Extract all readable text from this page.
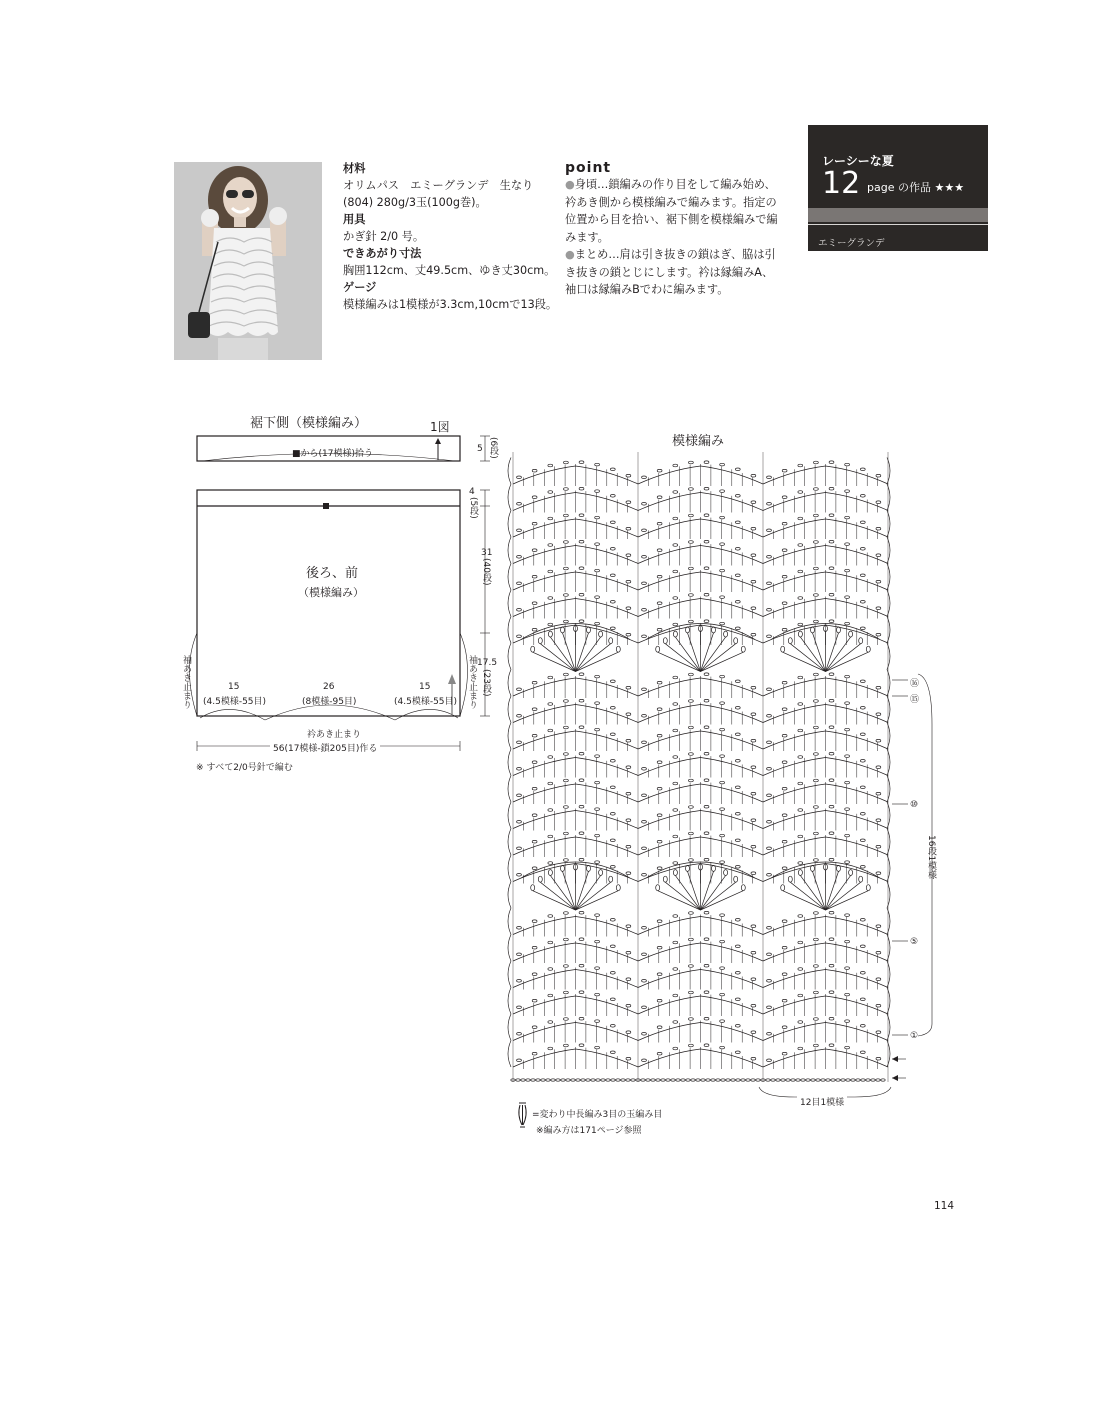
材料
オリムパス　エミーグランデ　生なり
(804) 280g/3玉(100g巻)。
用具
かぎ針 2/0 号。
できあがり寸法
胸囲112cm、丈49.5cm、ゆき丈30cm。
ゲージ
模様編みは1模様が3.3cm,10cmで13段。
point
●身頃…鎖編みの作り目をして編み始め、
衿あき側から模様編みで編みます。指定の
位置から目を拾い、裾下側を模様編みで編
みます。
●まとめ…肩は引き抜きの鎖はぎ、脇は引
き抜きの鎖とじにします。衿は縁編みA、
袖口は縁編みBでわに編みます。
レーシーな夏
12 page の作品 ★★★
エミーグランデ
裾下側（模様編み）	1図
■から(17模様)拾う	5 (6段)
4
(5段)
31
(40段)
17.5
(23段)
後ろ、前
（模様編み）
袖あき止まり	袖あき止まり
15
(4.5模様-55目)
26
(8模様-95目)
15
(4.5模様-55目)
衿あき止まり
56(17模様-鎖205目)作る
※ すべて2/0号針で編む
模様編み
⑯
⑮
⑩
⑤
①
16段1模様
12目1模様
=変わり中長編み3目の玉編み目
※編み方は171ページ参照
114
